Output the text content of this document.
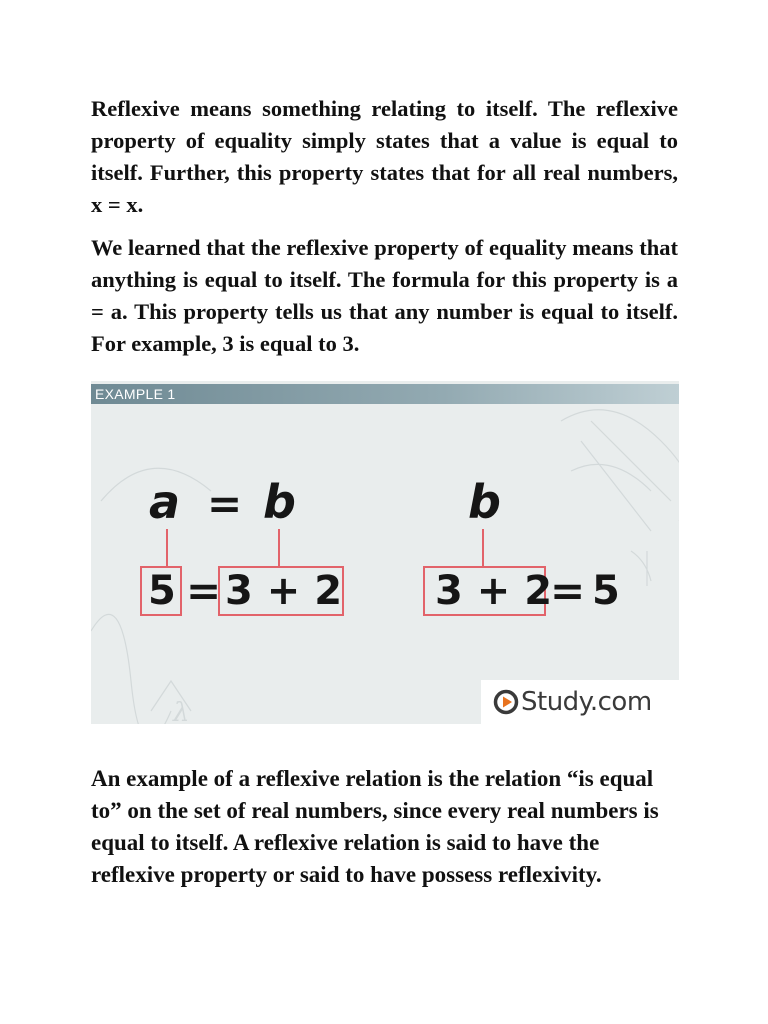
Reflexive means something relating to itself. The reflexive property of equality simply states that a value is equal to itself. Further, this property states that for all real numbers, x = x.

We learned that the reflexive property of equality means that anything is equal to itself. The formula for this property is a = a. This property tells us that any number is equal to itself. For example, 3 is equal to 3.

λ
EXAMPLE 1
a = b
5 = 3 + 2
b
3 + 2
= 5
Study.com

An example of a reflexive relation is the relation “is equal to” on the set of real numbers, since every real numbers is equal to itself. A reflexive relation is said to have the reflexive property or said to have possess reflexivity.
